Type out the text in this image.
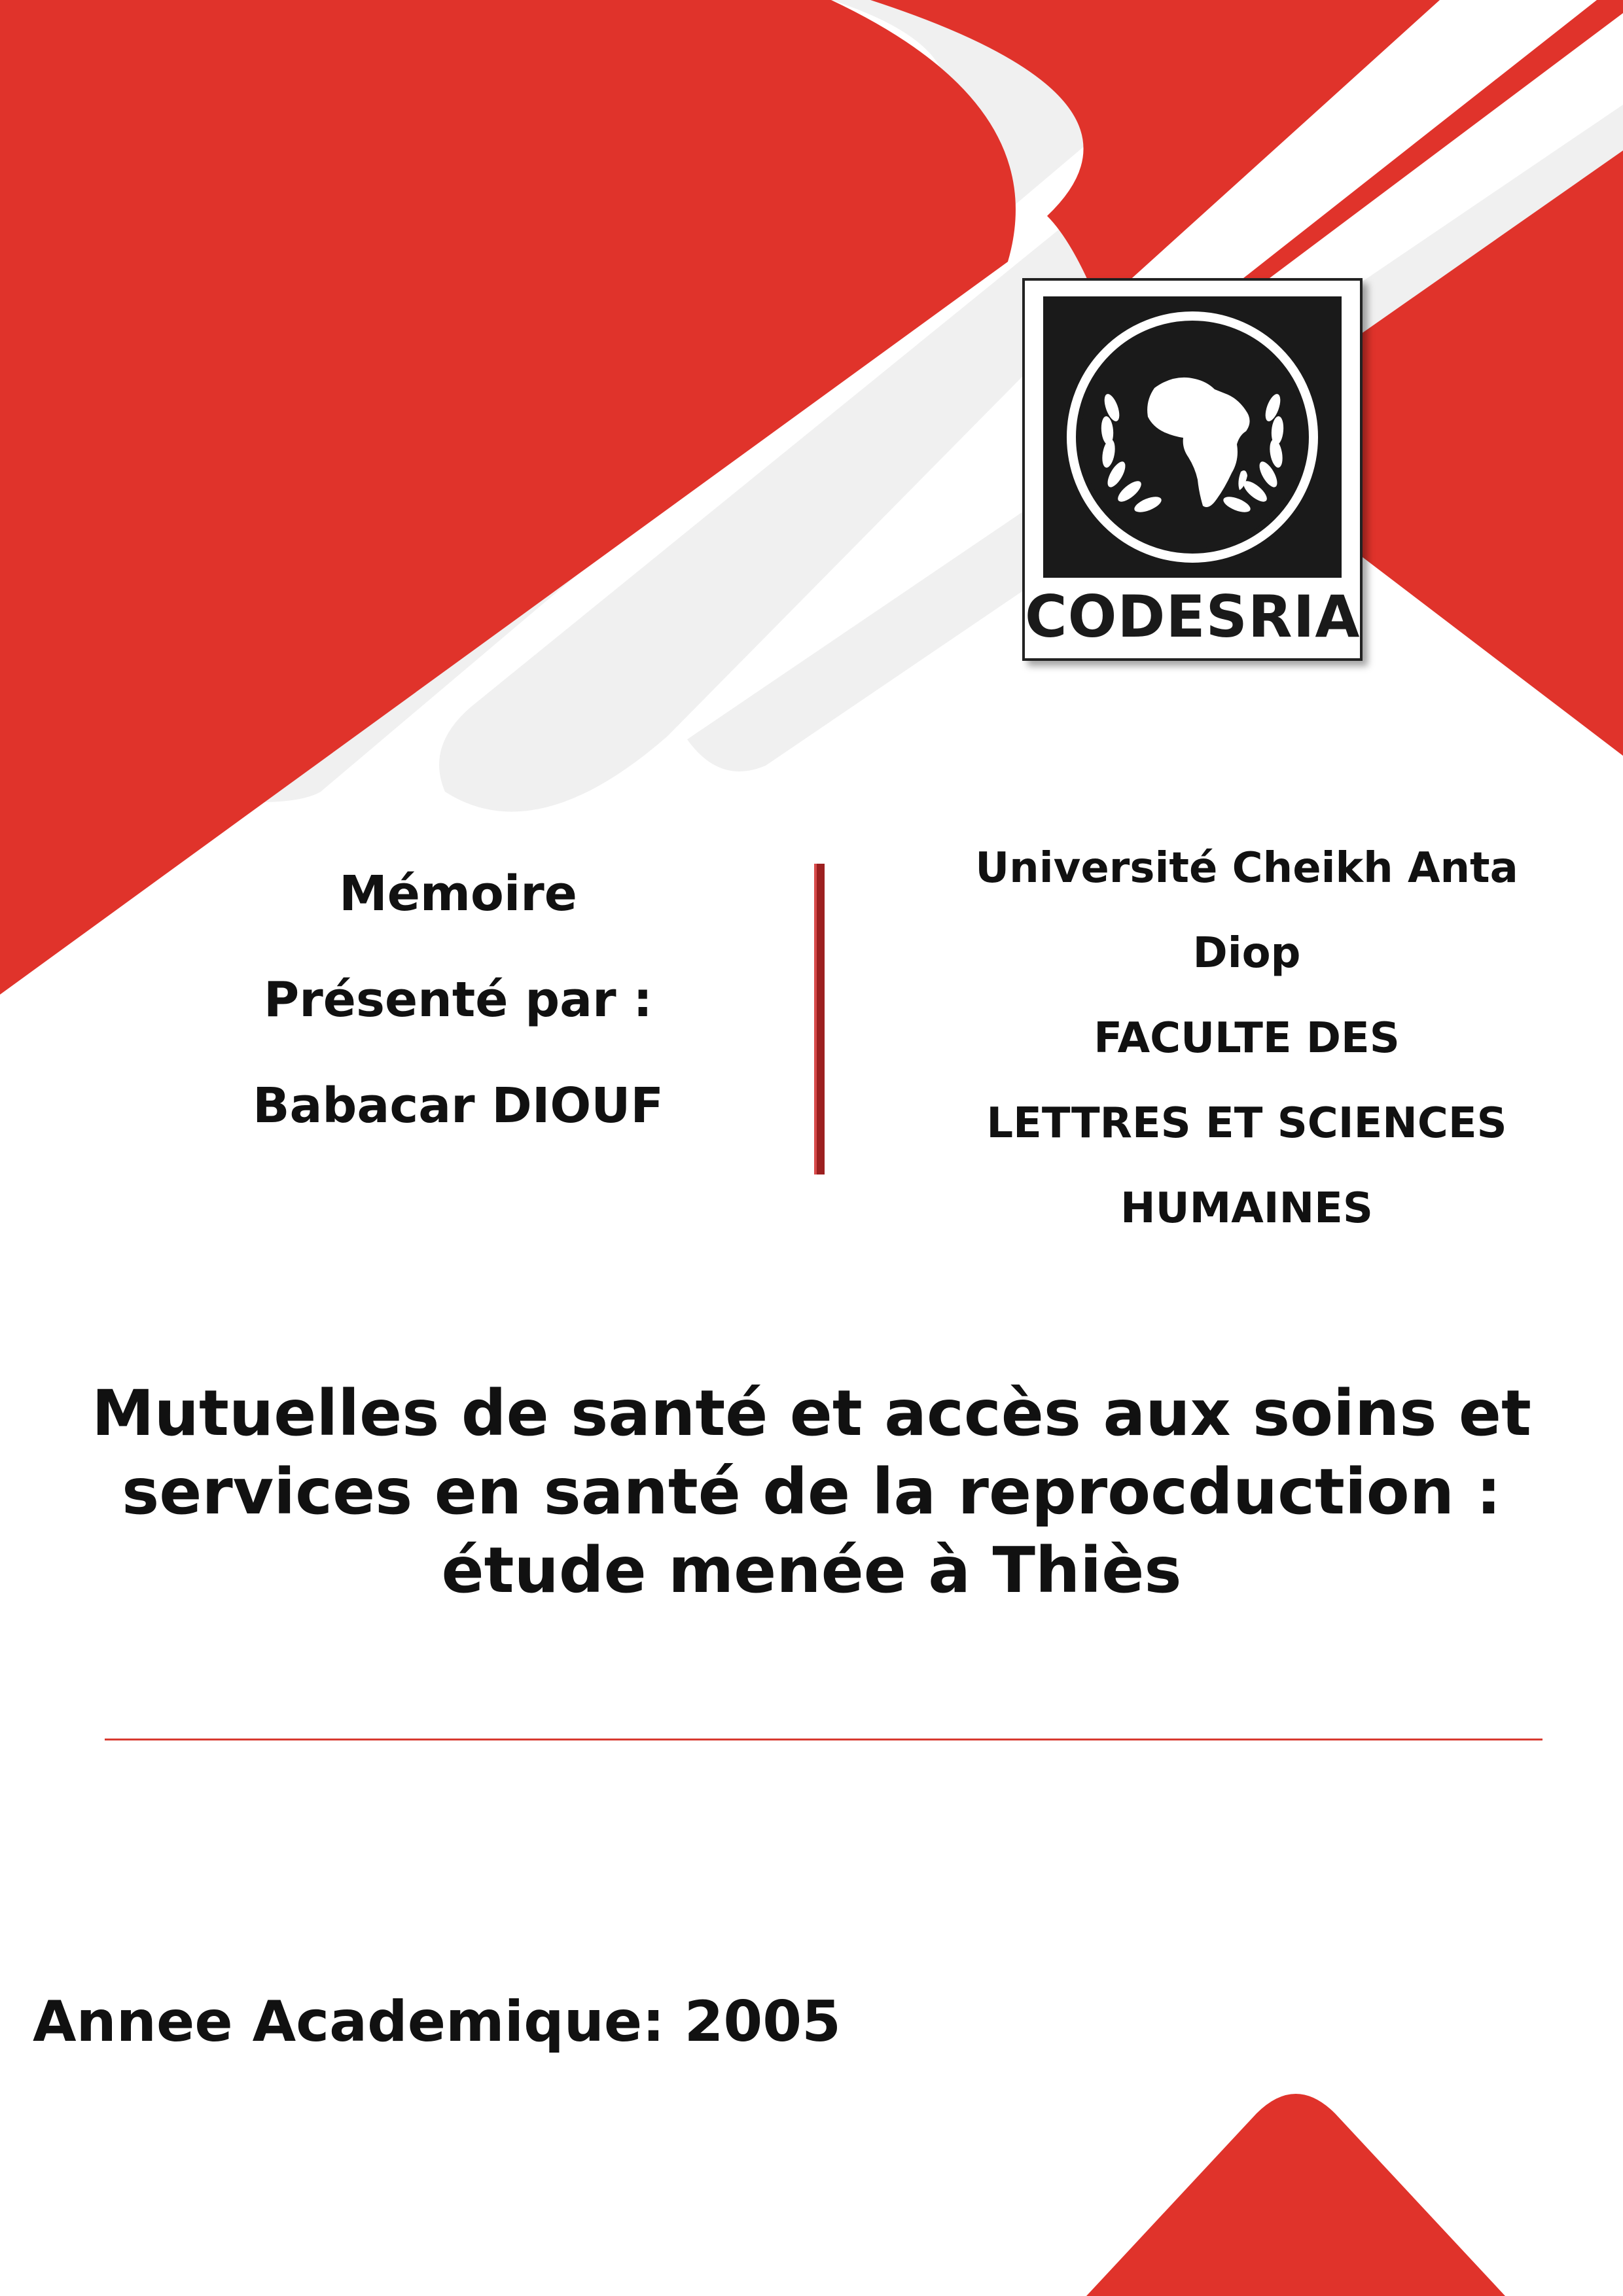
CODESRIA
Mémoire
Présenté par :
Babacar DIOUF
Université Cheikh Anta
Diop
FACULTE DES
LETTRES ET SCIENCES
HUMAINES
Mutuelles de santé et accès aux soins et
services en santé de la reprocduction :
étude menée à Thiès
Annee Academique: 2005
